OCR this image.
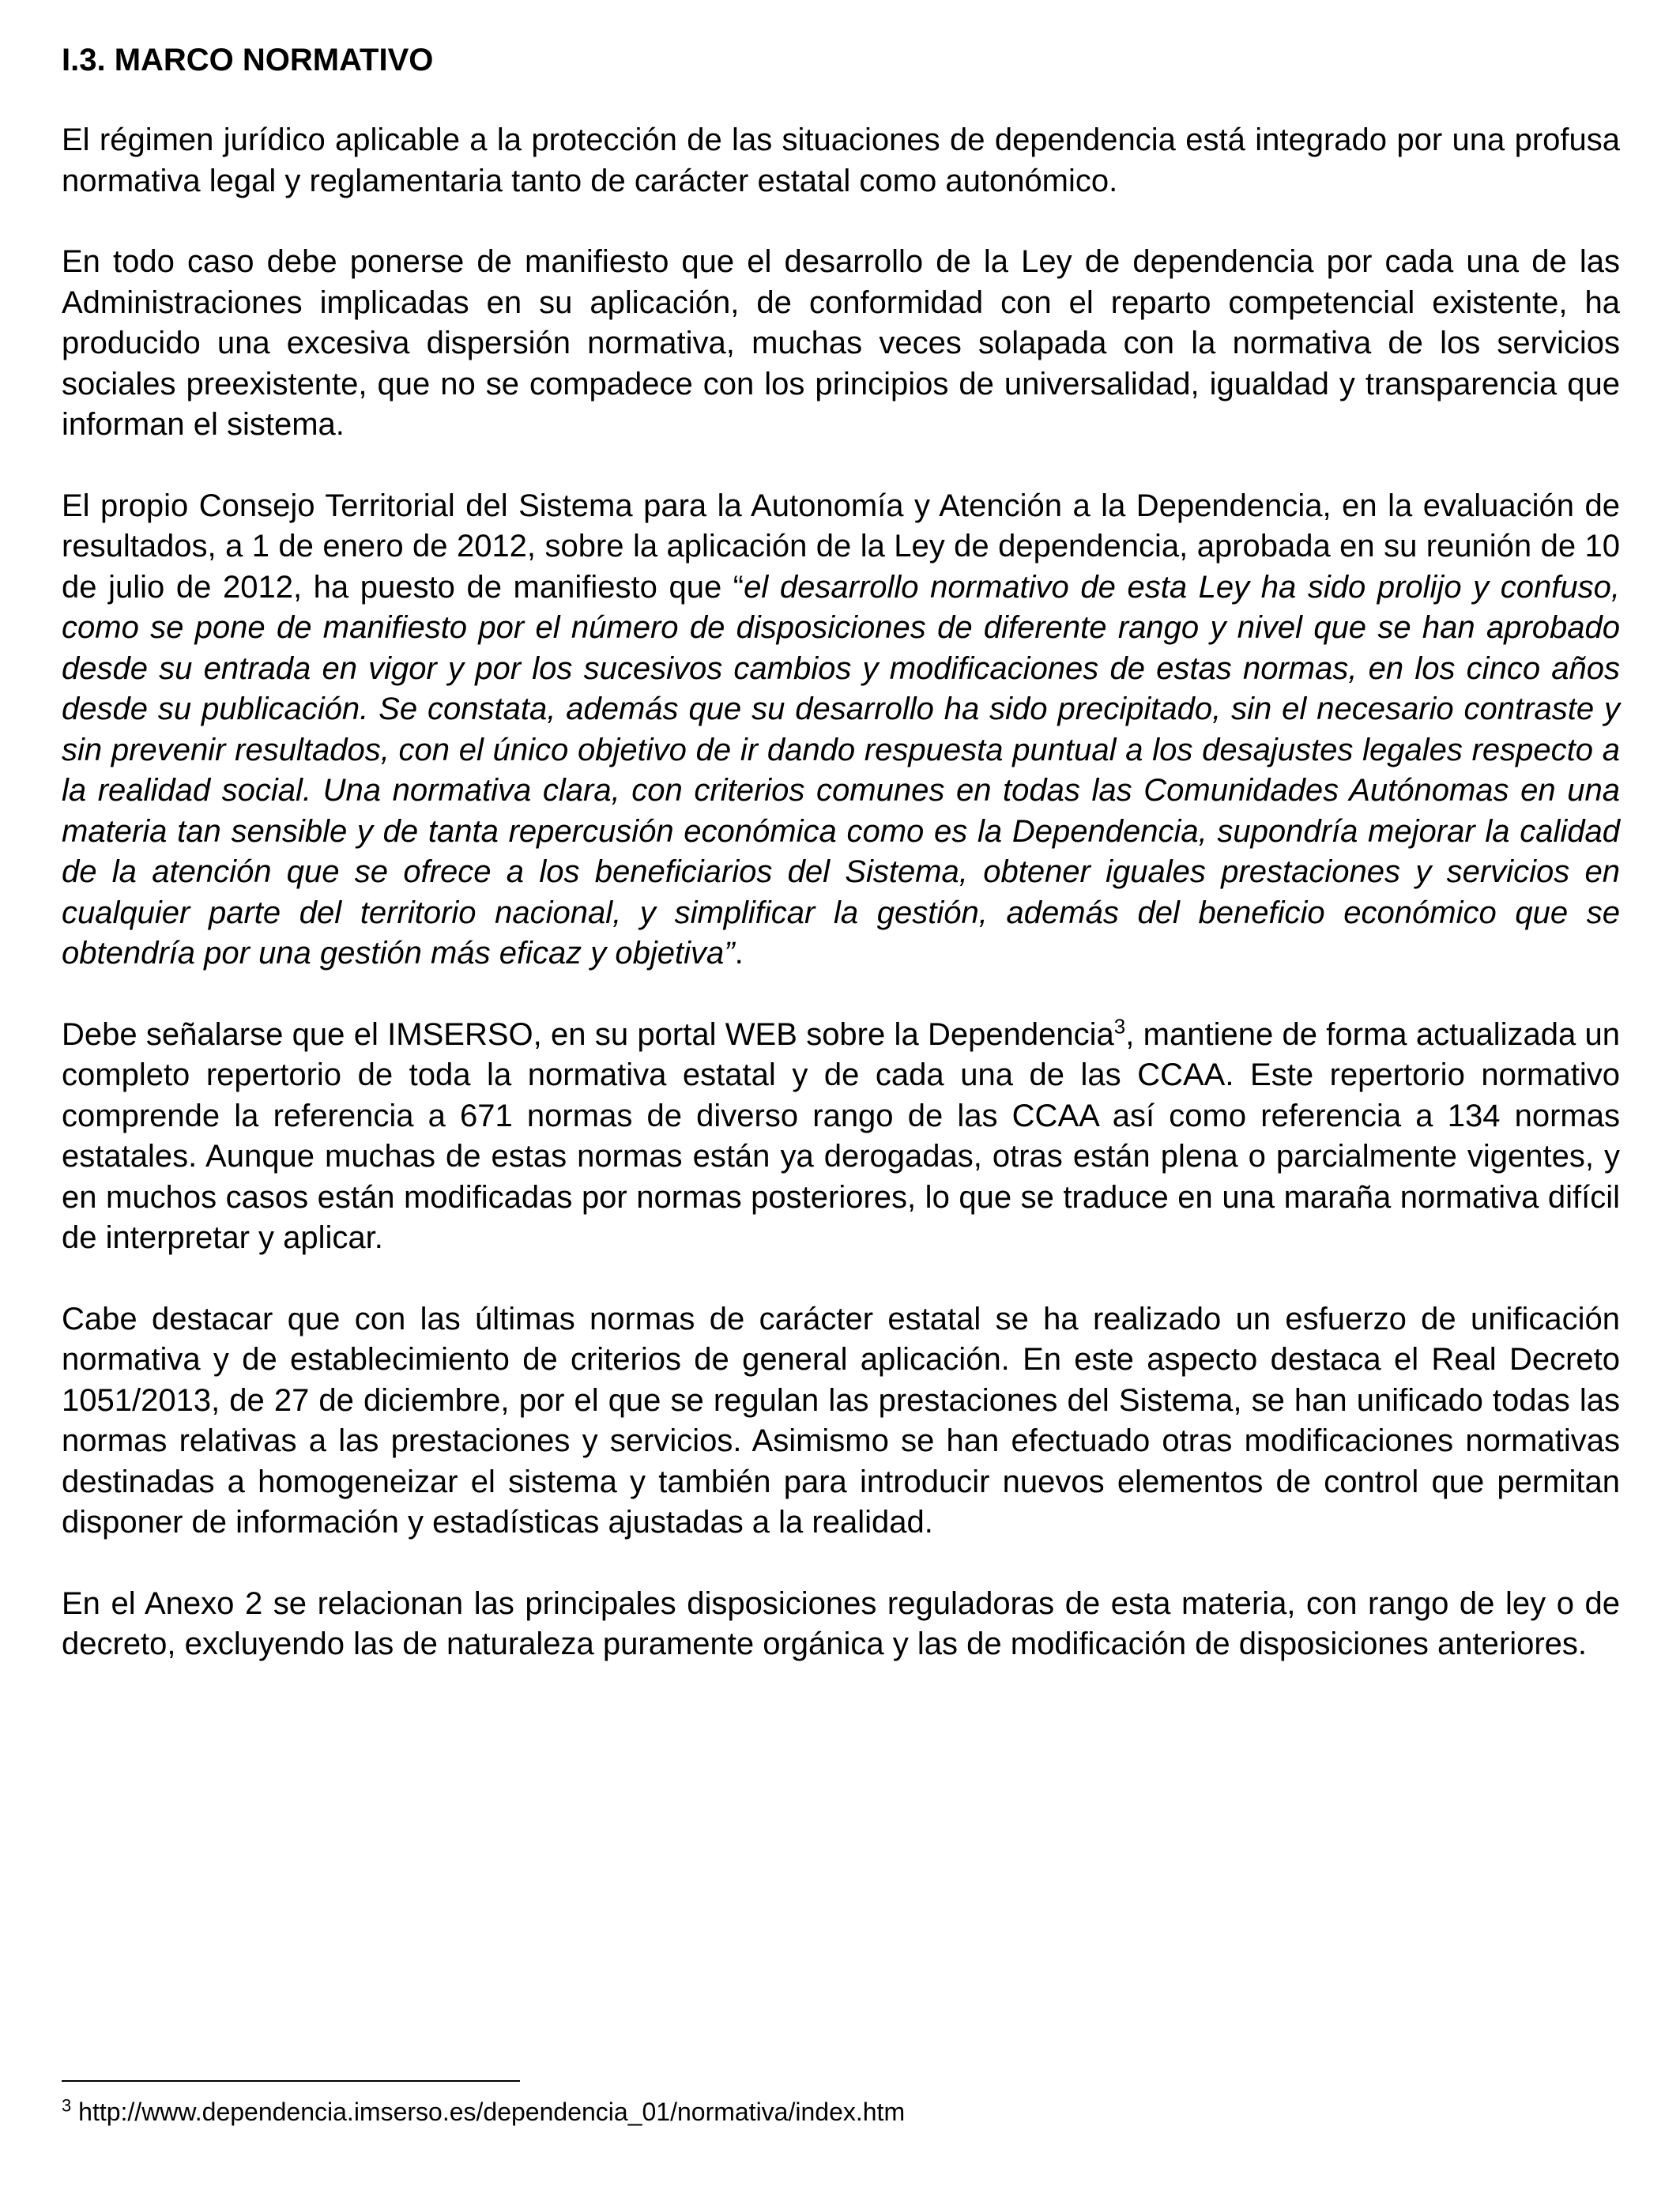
I.3. MARCO NORMATIVO

El régimen jurídico aplicable a la protección de las situaciones de dependencia está integrado por una profusa normativa legal y reglamentaria tanto de carácter estatal como autonómico.

En todo caso debe ponerse de manifiesto que el desarrollo de la Ley de dependencia por cada una de las Administraciones implicadas en su aplicación, de conformidad con el reparto competencial existente, ha producido una excesiva dispersión normativa, muchas veces solapada con la normativa de los servicios sociales preexistente, que no se compadece con los principios de universalidad, igualdad y transparencia que informan el sistema.

El propio Consejo Territorial del Sistema para la Autonomía y Atención a la Dependencia, en la evaluación de resultados, a 1 de enero de 2012, sobre la aplicación de la Ley de dependencia, aprobada en su reunión de 10 de julio de 2012, ha puesto de manifiesto que “el desarrollo normativo de esta Ley ha sido prolijo y confuso, como se pone de manifiesto por el número de disposiciones de diferente rango y nivel que se han aprobado desde su entrada en vigor y por los sucesivos cambios y modificaciones de estas normas, en los cinco años desde su publicación. Se constata, además que su desarrollo ha sido precipitado, sin el necesario contraste y sin prevenir resultados, con el único objetivo de ir dando respuesta puntual a los desajustes legales respecto a la realidad social. Una normativa clara, con criterios comunes en todas las Comunidades Autónomas en una materia tan sensible y de tanta repercusión económica como es la Dependencia, supondría mejorar la calidad de la atención que se ofrece a los beneficiarios del Sistema, obtener iguales prestaciones y servicios en cualquier parte del territorio nacional, y simplificar la gestión, además del beneficio económico que se obtendría por una gestión más eficaz y objetiva”.

Debe señalarse que el IMSERSO, en su portal WEB sobre la Dependencia$^3$, mantiene de forma actualizada un completo repertorio de toda la normativa estatal y de cada una de las CCAA. Este repertorio normativo comprende la referencia a 671 normas de diverso rango de las CCAA así como referencia a 134 normas estatales. Aunque muchas de estas normas están ya derogadas, otras están plena o parcialmente vigentes, y en muchos casos están modificadas por normas posteriores, lo que se traduce en una maraña normativa difícil de interpretar y aplicar.

Cabe destacar que con las últimas normas de carácter estatal se ha realizado un esfuerzo de unificación normativa y de establecimiento de criterios de general aplicación. En este aspecto destaca el Real Decreto 1051/2013, de 27 de diciembre, por el que se regulan las prestaciones del Sistema, se han unificado todas las normas relativas a las prestaciones y servicios. Asimismo se han efectuado otras modificaciones normativas destinadas a homogeneizar el sistema y también para introducir nuevos elementos de control que permitan disponer de información y estadísticas ajustadas a la realidad.

En el Anexo 2 se relacionan las principales disposiciones reguladoras de esta materia, con rango de ley o de decreto, excluyendo las de naturaleza puramente orgánica y las de modificación de disposiciones anteriores.

$^3$ http://www.dependencia.imserso.es/dependencia_01/normativa/index.htm
